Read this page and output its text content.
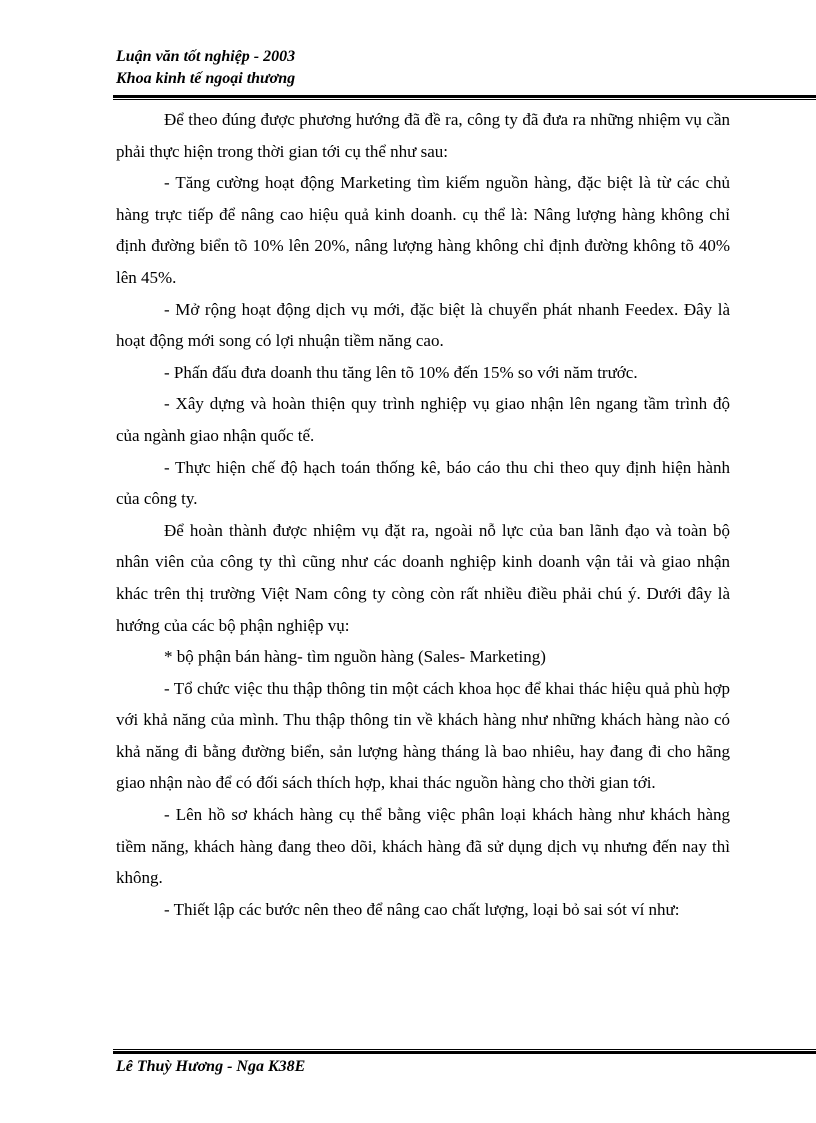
Luận văn tốt nghiệp - 2003
Khoa kinh tế ngoại thương

Để theo đúng được phương hướng đã đề ra, công ty đã đưa ra những nhiệm vụ cần phải thực hiện trong thời gian tới cụ thể như sau:

- Tăng cường hoạt động Marketing tìm kiếm nguồn hàng, đặc biệt là từ các chủ hàng trực tiếp để nâng cao hiệu quả kinh doanh. cụ thể là: Nâng lượng hàng không chỉ định đường biển tõ 10% lên 20%, nâng lượng hàng không chỉ định đường không tõ 40% lên 45%.

- Mở rộng hoạt động dịch vụ mới, đặc biệt là chuyển phát nhanh Feedex. Đây là hoạt động mới song có lợi nhuận tiềm năng cao.

- Phấn đấu đưa doanh thu tăng lên tõ 10% đến 15% so với năm trước.

- Xây dựng và hoàn thiện quy trình nghiệp vụ giao nhận lên ngang tầm trình độ của ngành giao nhận quốc tế.

- Thực hiện chế độ hạch toán thống kê, báo cáo thu chi theo quy định hiện hành của công ty.

Để hoàn thành được nhiệm vụ đặt ra, ngoài nỗ lực của ban lãnh đạo và toàn bộ nhân viên của công ty thì cũng như các doanh nghiệp kinh doanh vận tải và giao nhận khác trên thị trường Việt Nam công ty còng còn rất nhiều điều phải chú ý. Dưới đây là hướng của các bộ phận nghiệp vụ:

* bộ phận bán hàng- tìm nguồn hàng (Sales- Marketing)

- Tổ chức việc thu thập thông tin một cách khoa học để khai thác hiệu quả phù hợp với khả năng của mình. Thu thập thông tin về khách hàng như những khách hàng nào có khả năng đi bằng đường biển, sản lượng hàng tháng là bao nhiêu, hay đang đi cho hãng giao nhận nào để có đối sách thích hợp, khai thác nguồn hàng cho thời gian tới.

- Lên hồ sơ khách hàng cụ thể bằng việc phân loại khách hàng như khách hàng tiềm năng, khách hàng đang theo dõi, khách hàng đã sử dụng dịch vụ nhưng đến nay thì không.

- Thiết lập các bước nên theo để nâng cao chất lượng, loại bỏ sai sót ví như:

Lê Thuỳ Hương - Nga K38E
